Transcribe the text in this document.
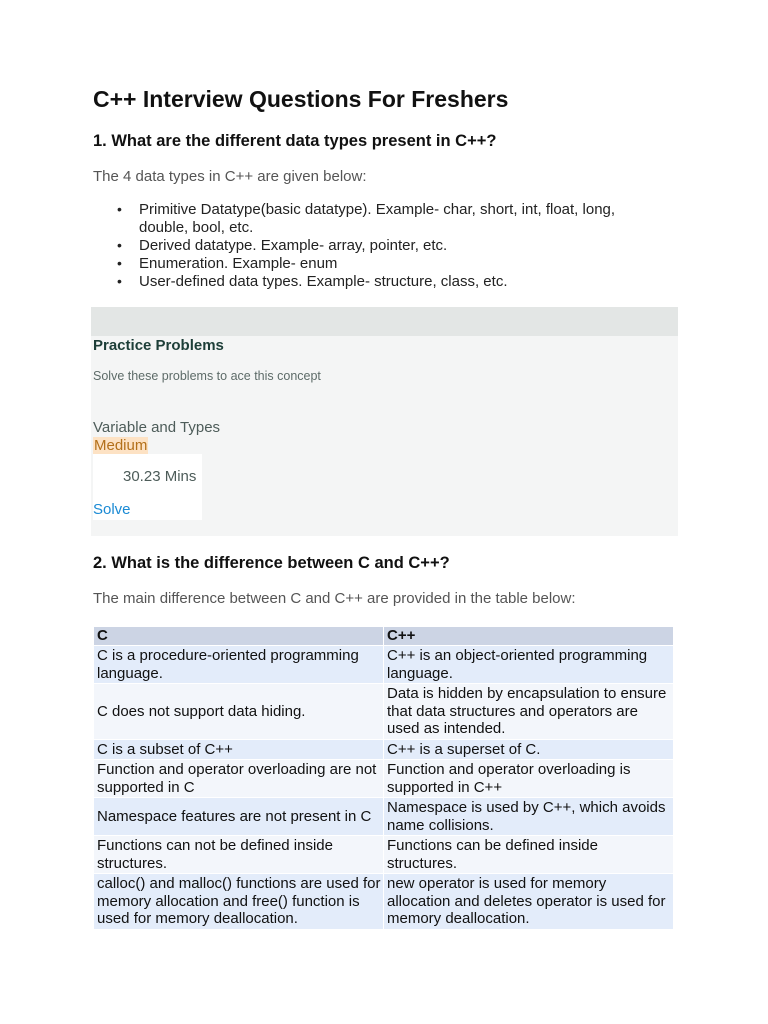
C++ Interview Questions For Freshers
1. What are the different data types present in C++?
The 4 data types in C++ are given below:
• Primitive Datatype(basic datatype). Example- char, short, int, float, long, double, bool, etc.
• Derived datatype. Example- array, pointer, etc.
• Enumeration. Example- enum
• User-defined data types. Example- structure, class, etc.
Practice Problems
Solve these problems to ace this concept
Variable and Types
Medium
30.23 Mins
Solve
2. What is the difference between C and C++?
The main difference between C and C++ are provided in the table below:
C	C++
C is a procedure-oriented programming language.	C++ is an object-oriented programming language.
C does not support data hiding.	Data is hidden by encapsulation to ensure that data structures and operators are used as intended.
C is a subset of C++	C++ is a superset of C.
Function and operator overloading are not supported in C	Function and operator overloading is supported in C++
Namespace features are not present in C	Namespace is used by C++, which avoids name collisions.
Functions can not be defined inside structures.	Functions can be defined inside structures.
calloc() and malloc() functions are used for memory allocation and free() function is used for memory deallocation.	new operator is used for memory allocation and deletes operator is used for memory deallocation.
